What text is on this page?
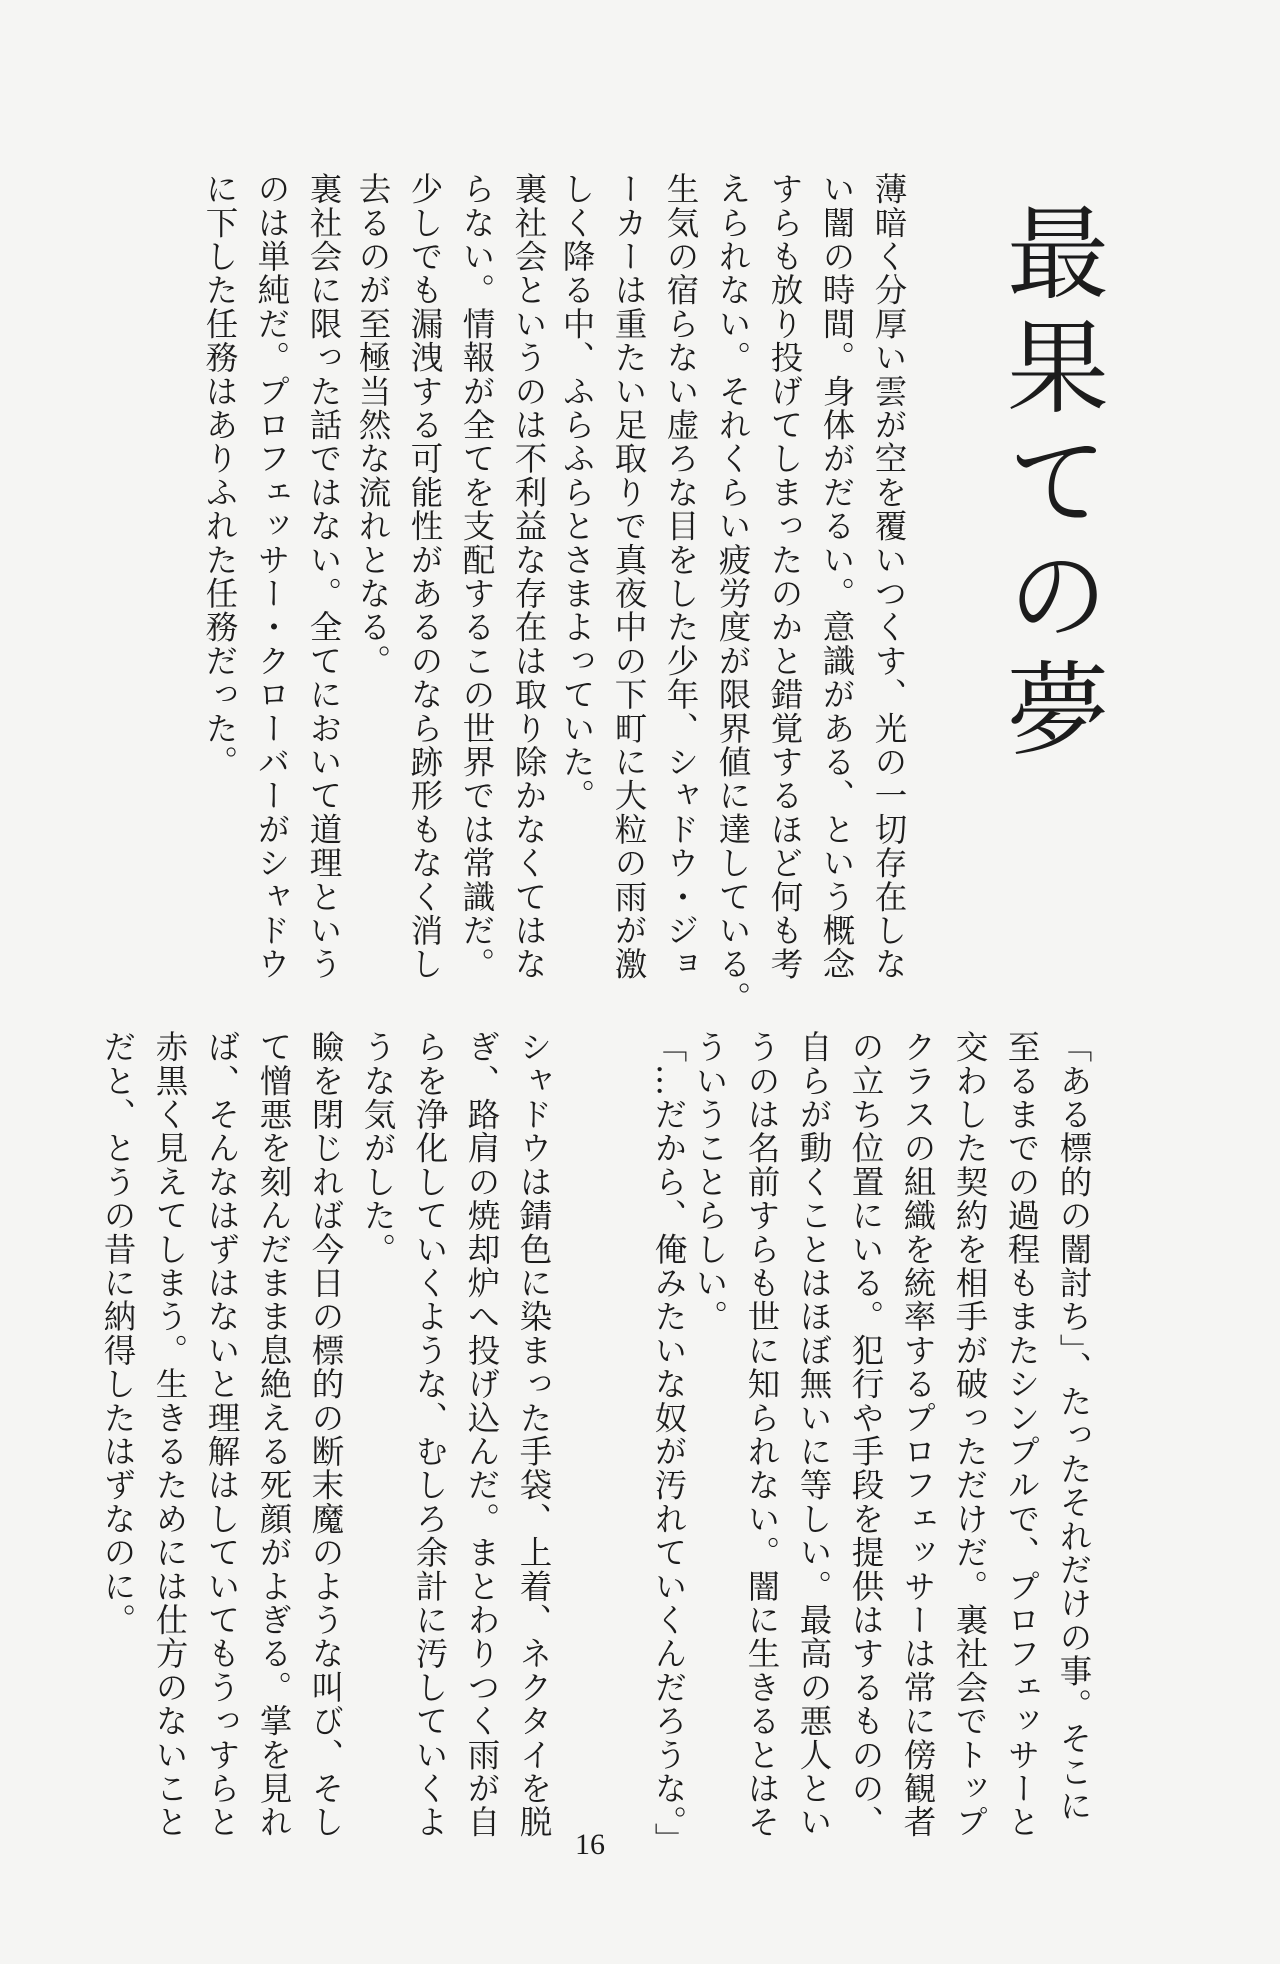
最果ての夢
薄暗く分厚い雲が空を覆いつくす、光の一切存在しな
い闇の時間。身体がだるい。意識がある、という概念
すらも放り投げてしまったのかと錯覚するほど何も考
えられない。それくらい疲労度が限界値に達している。
生気の宿らない虚ろな目をした少年、シャドウ・ジョ
ーカーは重たい足取りで真夜中の下町に大粒の雨が激
しく降る中、ふらふらとさまよっていた。
裏社会というのは不利益な存在は取り除かなくてはな
らない。情報が全てを支配するこの世界では常識だ。
少しでも漏洩する可能性があるのなら跡形もなく消し
去るのが至極当然な流れとなる。
裏社会に限った話ではない。全てにおいて道理という
のは単純だ。プロフェッサー・クローバーがシャドウ
に下した任務はありふれた任務だった。
「ある標的の闇討ち」、たったそれだけの事。そこに
至るまでの過程もまたシンプルで、プロフェッサーと
交わした契約を相手が破っただけだ。裏社会でトップ
クラスの組織を統率するプロフェッサーは常に傍観者
の立ち位置にいる。犯行や手段を提供はするものの、
自らが動くことはほぼ無いに等しい。最高の悪人とい
うのは名前すらも世に知られない。闇に生きるとはそ
ういうことらしい。
「…だから、俺みたいな奴が汚れていくんだろうな。」
シャドウは錆色に染まった手袋、上着、ネクタイを脱
ぎ、路肩の焼却炉へ投げ込んだ。まとわりつく雨が自
らを浄化していくような、むしろ余計に汚していくよ
うな気がした。
瞼を閉じれば今日の標的の断末魔のような叫び、そし
て憎悪を刻んだまま息絶える死顔がよぎる。掌を見れ
ば、そんなはずはないと理解はしていてもうっすらと
赤黒く見えてしまう。生きるためには仕方のないこと
だと、とうの昔に納得したはずなのに。
16
